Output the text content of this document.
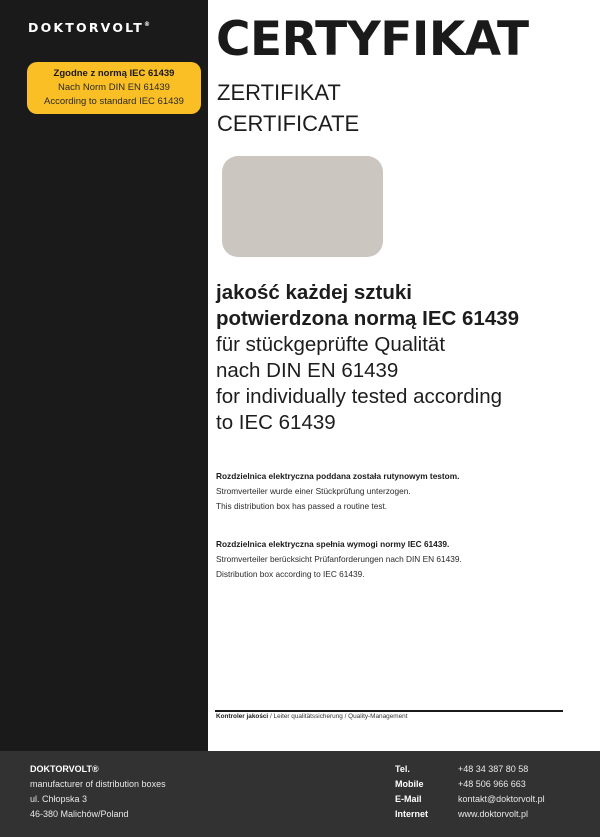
DOKTORVOLT®
Zgodne z normą IEC 61439
Nach Norm DIN EN 61439
According to standard IEC 61439
CERTYFIKAT
ZERTIFIKAT
CERTIFICATE
jakość każdej sztuki
potwierdzona normą IEC 61439
für stückgeprüfte Qualität
nach DIN EN 61439
for individually tested according
to IEC 61439
Rozdzielnica elektryczna poddana została rutynowym testom.
Stromverteiler wurde einer Stückprüfung unterzogen.
This distribution box has passed a routine test.
Rozdzielnica elektryczna spełnia wymogi normy IEC 61439.
Stromverteiler berücksicht Prüfanforderungen nach DIN EN 61439.
Distribution box according to IEC 61439.
Kontroler jakości / Leiter qualitätssicherung / Quality-Management
DOKTORVOLT®
manufacturer of distribution boxes
ul. Chłopska 3
46-380 Malichów/Poland
Tel.	+48 34 387 80 58
Mobile	+48 506 966 663
E-Mail	kontakt@doktorvolt.pl
Internet	www.doktorvolt.pl
